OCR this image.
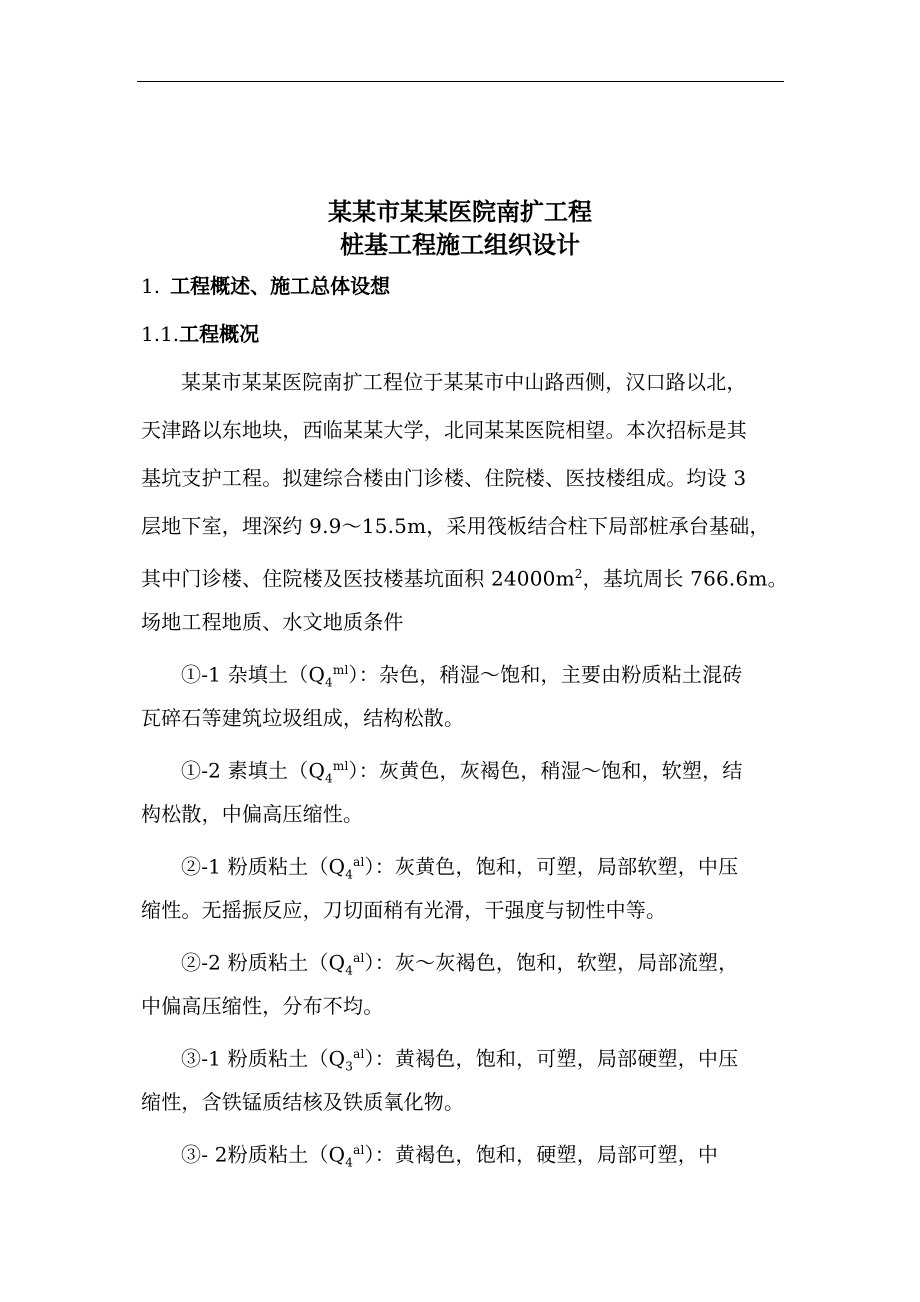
某某市某某医院南扩工程
桩基工程施工组织设计
1. 工程概述、施工总体设想
1.1.工程概况
某某市某某医院南扩工程位于某某市中山路西侧，汉口路以北，
天津路以东地块，西临某某大学，北同某某医院相望。本次招标是其
基坑支护工程。拟建综合楼由门诊楼、住院楼、医技楼组成。均设 3
层地下室，埋深约 9.9～15.5m，采用筏板结合柱下局部桩承台基础，
其中门诊楼、住院楼及医技楼基坑面积 $24000m^2$，基坑周长 766.6m。
场地工程地质、水文地质条件
①-1 杂填土$(Q_4^{ml})$：杂色，稍湿～饱和，主要由粉质粘土混砖
瓦碎石等建筑垃圾组成，结构松散。
①-2 素填土$(Q_4^{ml})$：灰黄色，灰褐色，稍湿～饱和，软塑，结
构松散，中偏高压缩性。
②-1 粉质粘土$(Q_4^{al})$：灰黄色，饱和，可塑，局部软塑，中压
缩性。无摇振反应，刀切面稍有光滑，干强度与韧性中等。
②-2 粉质粘土$(Q_4^{al})$：灰～灰褐色，饱和，软塑，局部流塑，
中偏高压缩性，分布不均。
③-1 粉质粘土$(Q_3^{al})$：黄褐色，饱和，可塑，局部硬塑，中压
缩性，含铁锰质结核及铁质氧化物。
③- 2粉质粘土$(Q_4^{al})$：黄褐色，饱和，硬塑，局部可塑，中
